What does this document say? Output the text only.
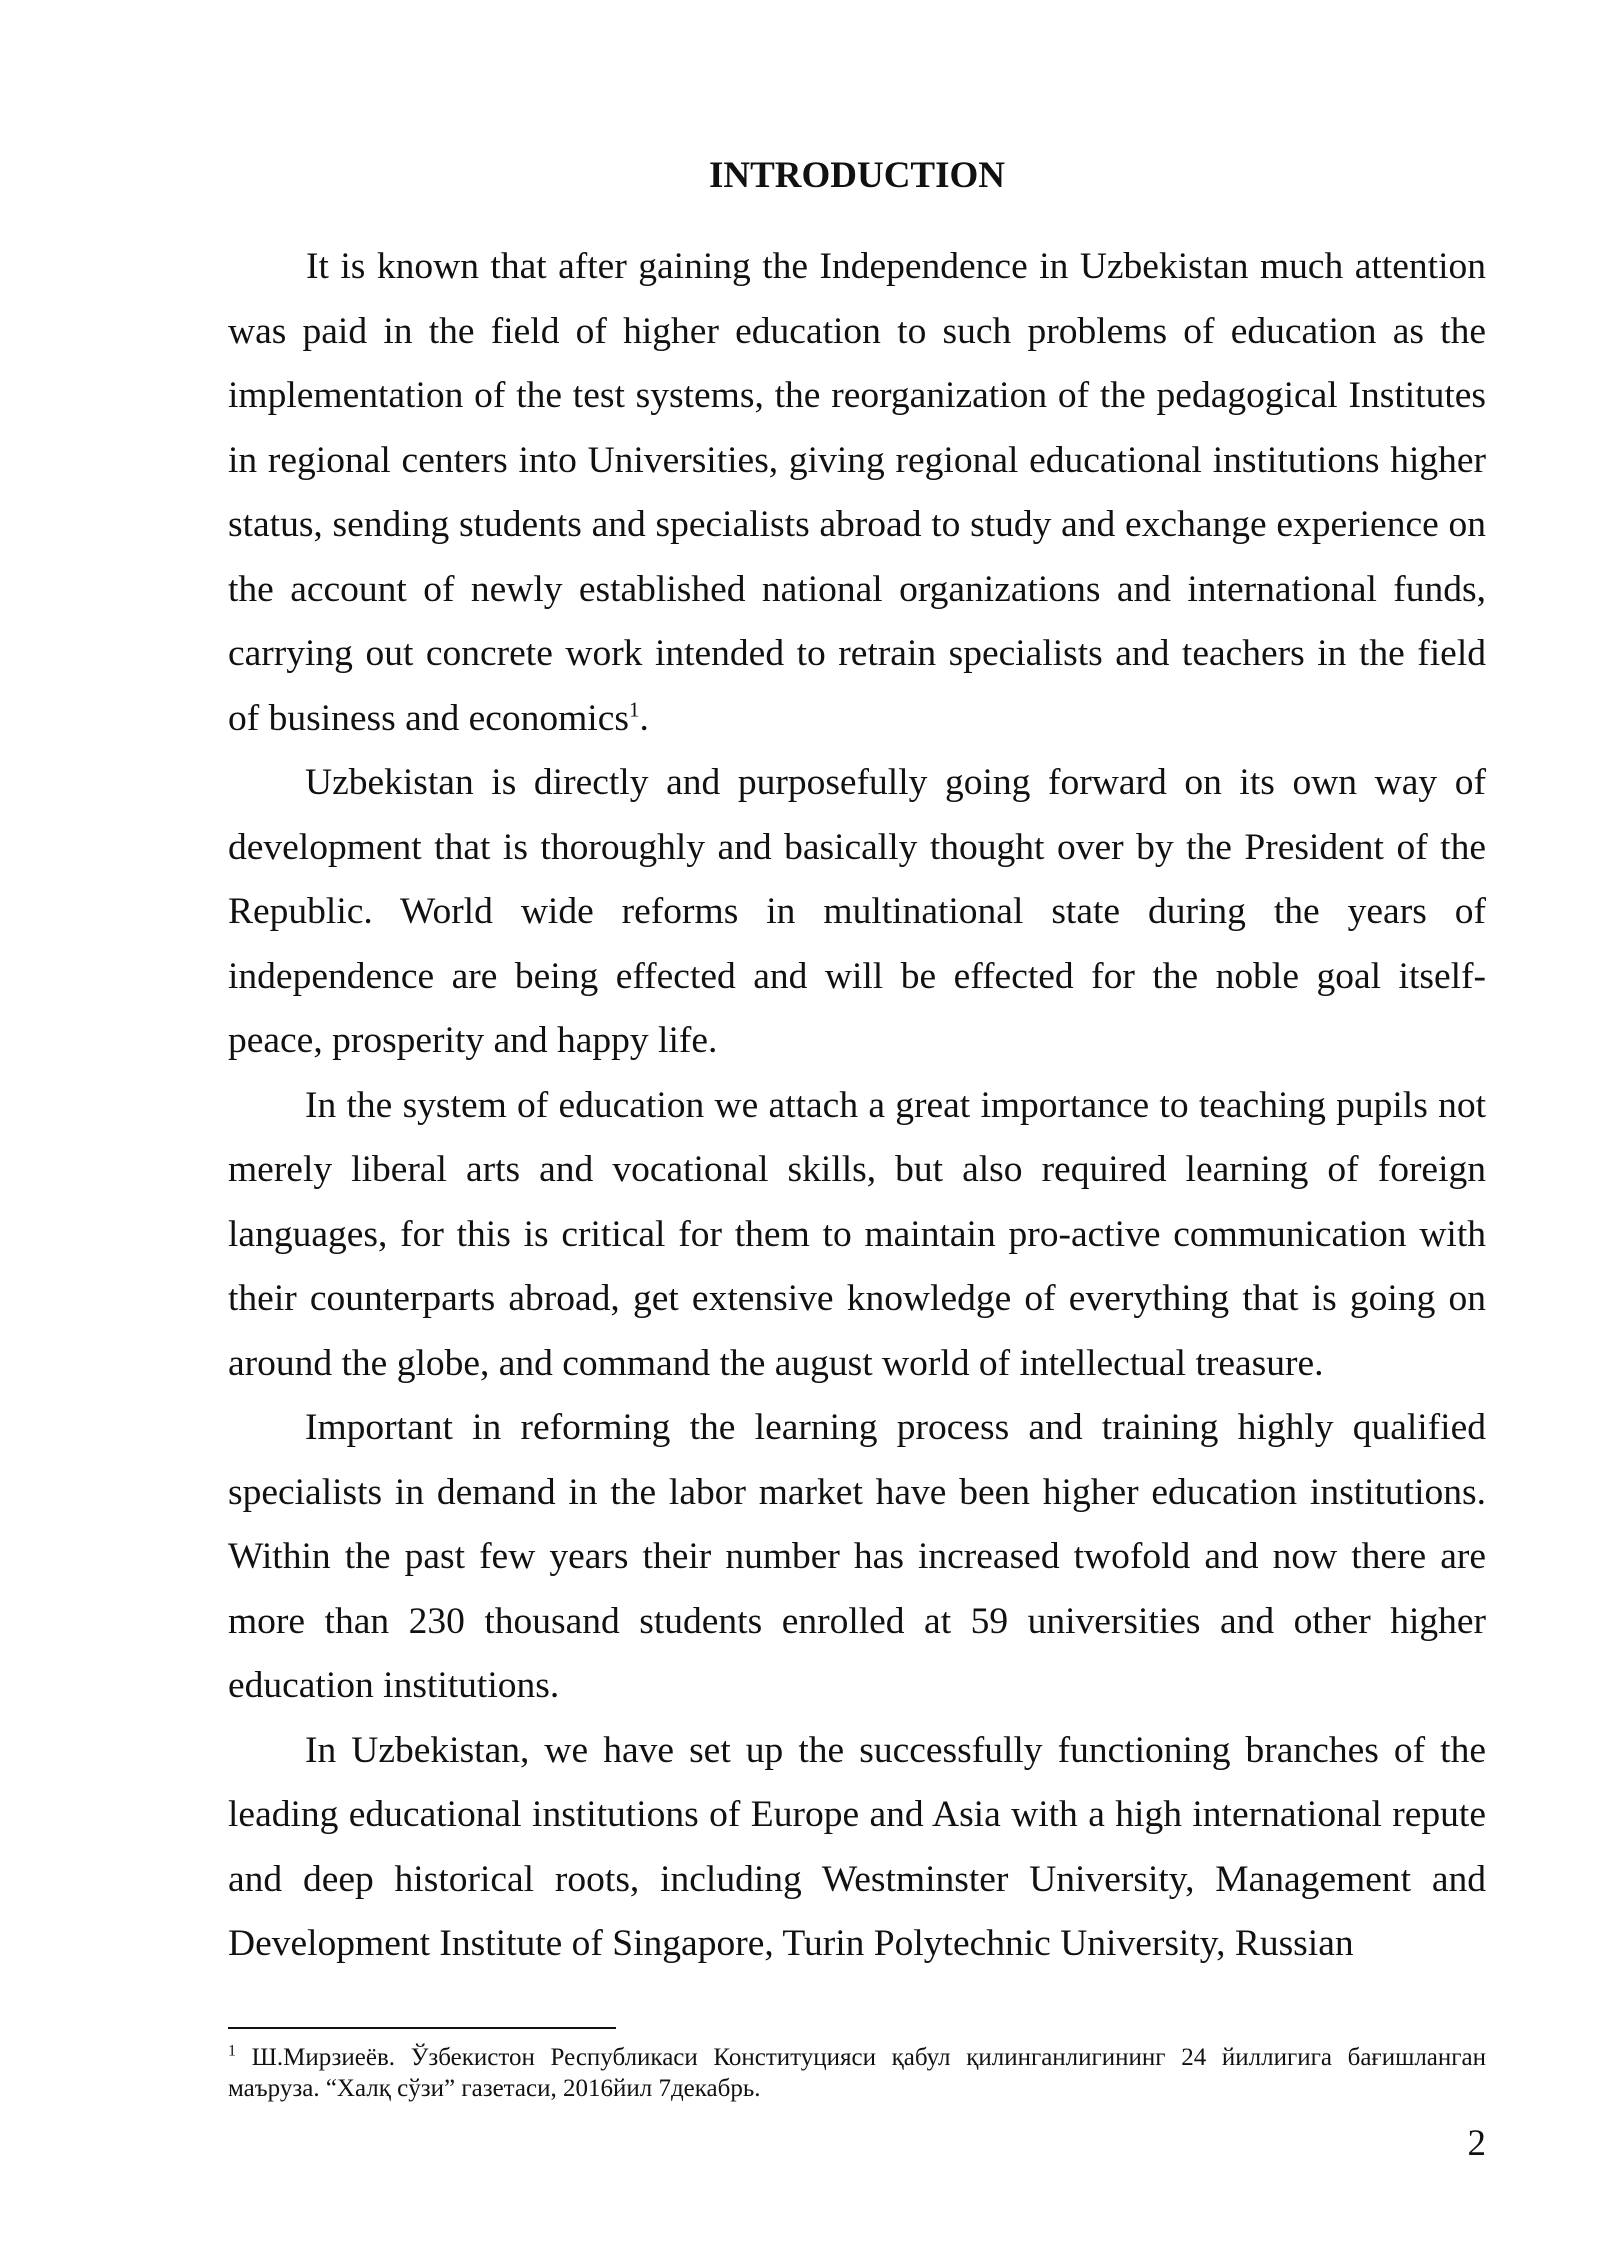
INTRODUCTION

It is known that after gaining the Independence in Uzbekistan much attention was paid in the field of higher education to such problems of education as the implementation of the test systems, the reorganization of the pedagogical Institutes in regional centers into Universities, giving regional educational institutions higher status, sending students and specialists abroad to study and exchange experience on the account of newly established national organizations and international funds, carrying out concrete work intended to retrain specialists and teachers in the field of business and economics$^1$.

Uzbekistan is directly and purposefully going forward on its own way of development that is thoroughly and basically thought over by the President of the Republic. World wide reforms in multinational state during the years of independence are being effected and will be effected for the noble goal itself- peace, prosperity and happy life.

In the system of education we attach a great importance to teaching pupils not merely liberal arts and vocational skills, but also required learning of foreign languages, for this is critical for them to maintain pro-active communication with their counterparts abroad, get extensive knowledge of everything that is going on around the globe, and command the august world of intellectual treasure.

Important in reforming the learning process and training highly qualified specialists in demand in the labor market have been higher education institutions. Within the past few years their number has increased twofold and now there are more than 230 thousand students enrolled at 59 universities and other higher education institutions.

In Uzbekistan, we have set up the successfully functioning branches of the leading educational institutions of Europe and Asia with a high international repute and deep historical roots, including Westminster University, Management and Development Institute of Singapore, Turin Polytechnic University, Russian

$^1$ Ш.Мирзиеёв. Ўзбекистон Республикаси Конституцияси қабул қилинганлигининг 24 йиллигига бағишланган маъруза. “Халқ сўзи” газетаси, 2016йил 7декабрь.

2
